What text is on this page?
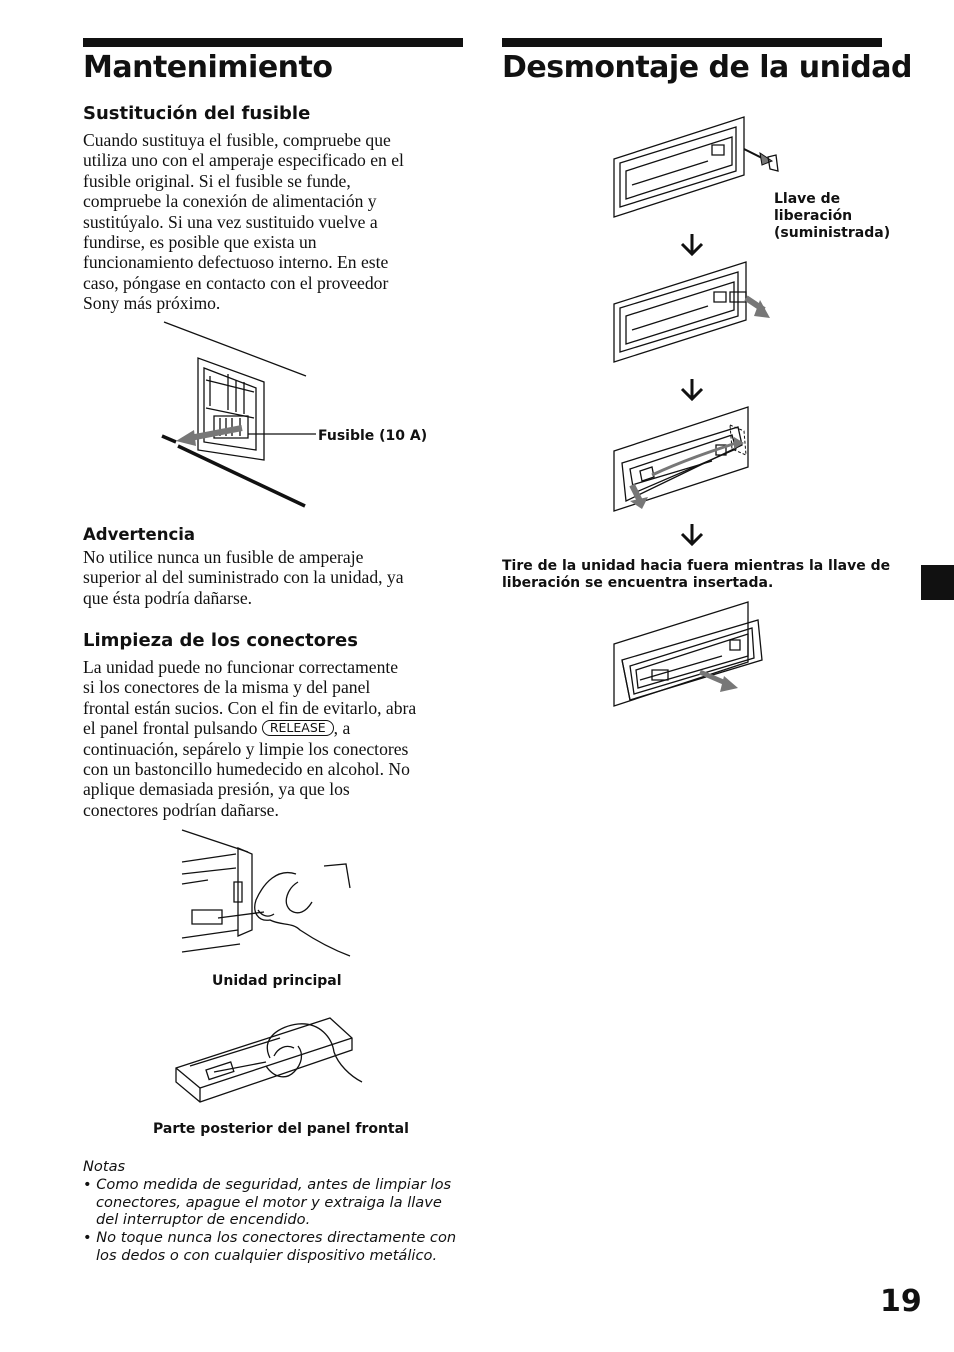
Mantenimiento
Sustitución del fusible
Cuando sustituya el fusible, compruebe que
utiliza uno con el amperaje especificado en el
fusible original. Si el fusible se funde,
compruebe la conexión de alimentación y
sustitúyalo. Si una vez sustituido vuelve a
fundirse, es posible que exista un
funcionamiento defectuoso interno. En este
caso, póngase en contacto con el proveedor
Sony más próximo.
Fusible (10 A)
Advertencia
No utilice nunca un fusible de amperaje
superior al del suministrado con la unidad, ya
que ésta podría dañarse.
Limpieza de los conectores
La unidad puede no funcionar correctamente
si los conectores de la misma y del panel
frontal están sucios. Con el fin de evitarlo, abra
el panel frontal pulsando RELEASE , a
continuación, sepárelo y limpie los conectores
con un bastoncillo humedecido en alcohol. No
aplique demasiada presión, ya que los
conectores podrían dañarse.
Unidad principal
Parte posterior del panel frontal
Notas
• Como medida de seguridad, antes de limpiar los conectores, apague el motor y extraiga la llave del interruptor de encendido.
• No toque nunca los conectores directamente con los dedos o con cualquier dispositivo metálico.
Desmontaje de la unidad
Llave de
liberación
(suministrada)
Tire de la unidad hacia fuera mientras la llave de
liberación se encuentra insertada.
19
